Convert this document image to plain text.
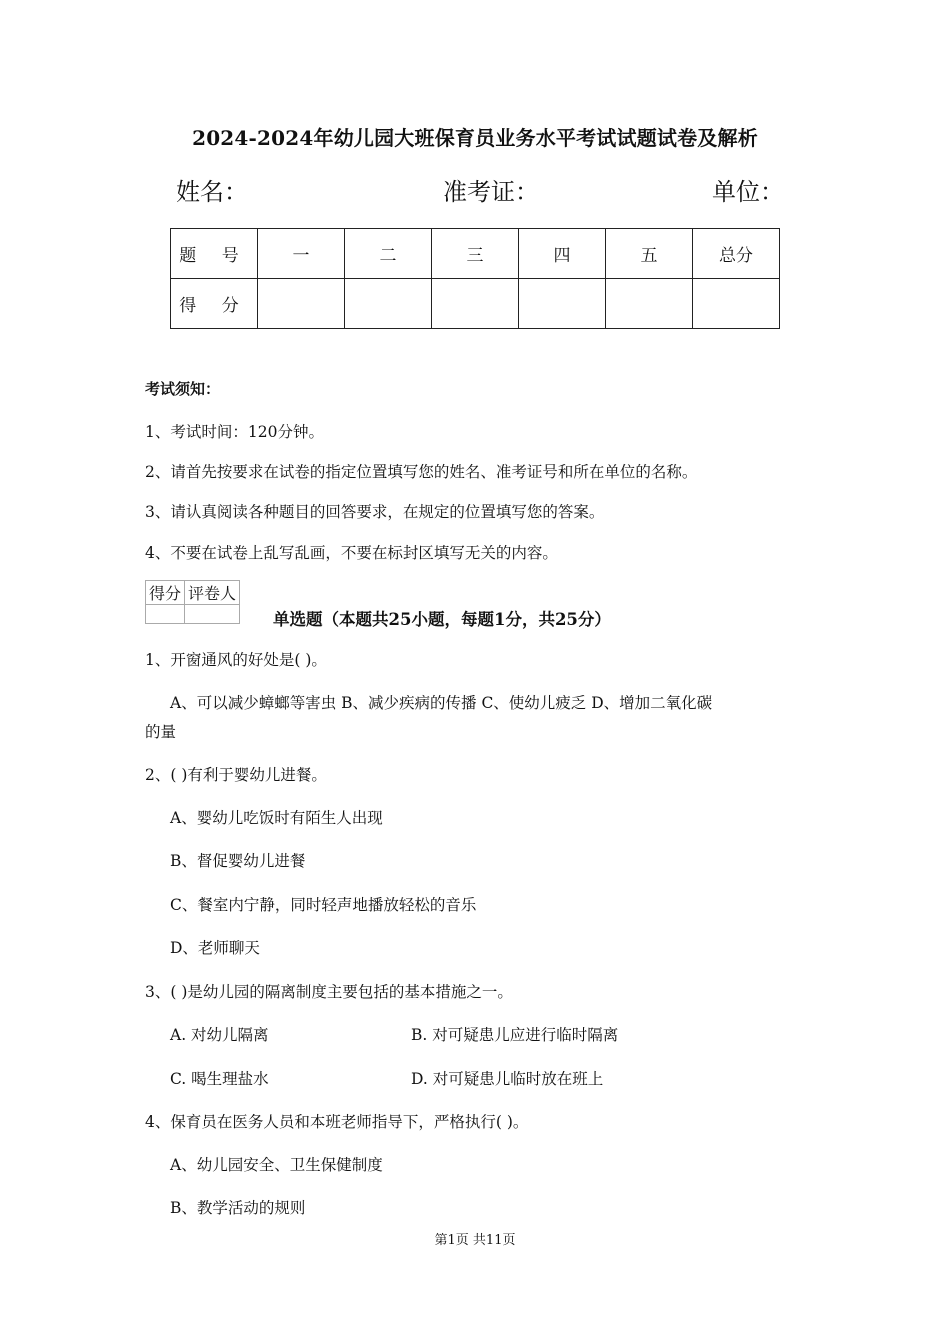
2024-2024年幼儿园大班保育员业务水平考试试题试卷及解析
姓名：	准考证：	单位：
题 号	一	二	三	四	五	总分
得 分						
考试须知：
1、考试时间：120分钟。
2、请首先按要求在试卷的指定位置填写您的姓名、准考证号和所在单位的名称。
3、请认真阅读各种题目的回答要求，在规定的位置填写您的答案。
4、不要在试卷上乱写乱画，不要在标封区填写无关的内容。
得分	评卷人

单选题（本题共25小题，每题1分，共25分）
1、开窗通风的好处是( )。
A、可以减少蟑螂等害虫 B、减少疾病的传播 C、使幼儿疲乏 D、增加二氧化碳
的量
2、( )有利于婴幼儿进餐。
A、婴幼儿吃饭时有陌生人出现
B、督促婴幼儿进餐
C、餐室内宁静，同时轻声地播放轻松的音乐
D、老师聊天
3、( )是幼儿园的隔离制度主要包括的基本措施之一。
A. 对幼儿隔离	B. 对可疑患儿应进行临时隔离
C. 喝生理盐水	D. 对可疑患儿临时放在班上
4、保育员在医务人员和本班老师指导下，严格执行( )。
A、幼儿园安全、卫生保健制度
B、教学活动的规则
第1页 共11页
